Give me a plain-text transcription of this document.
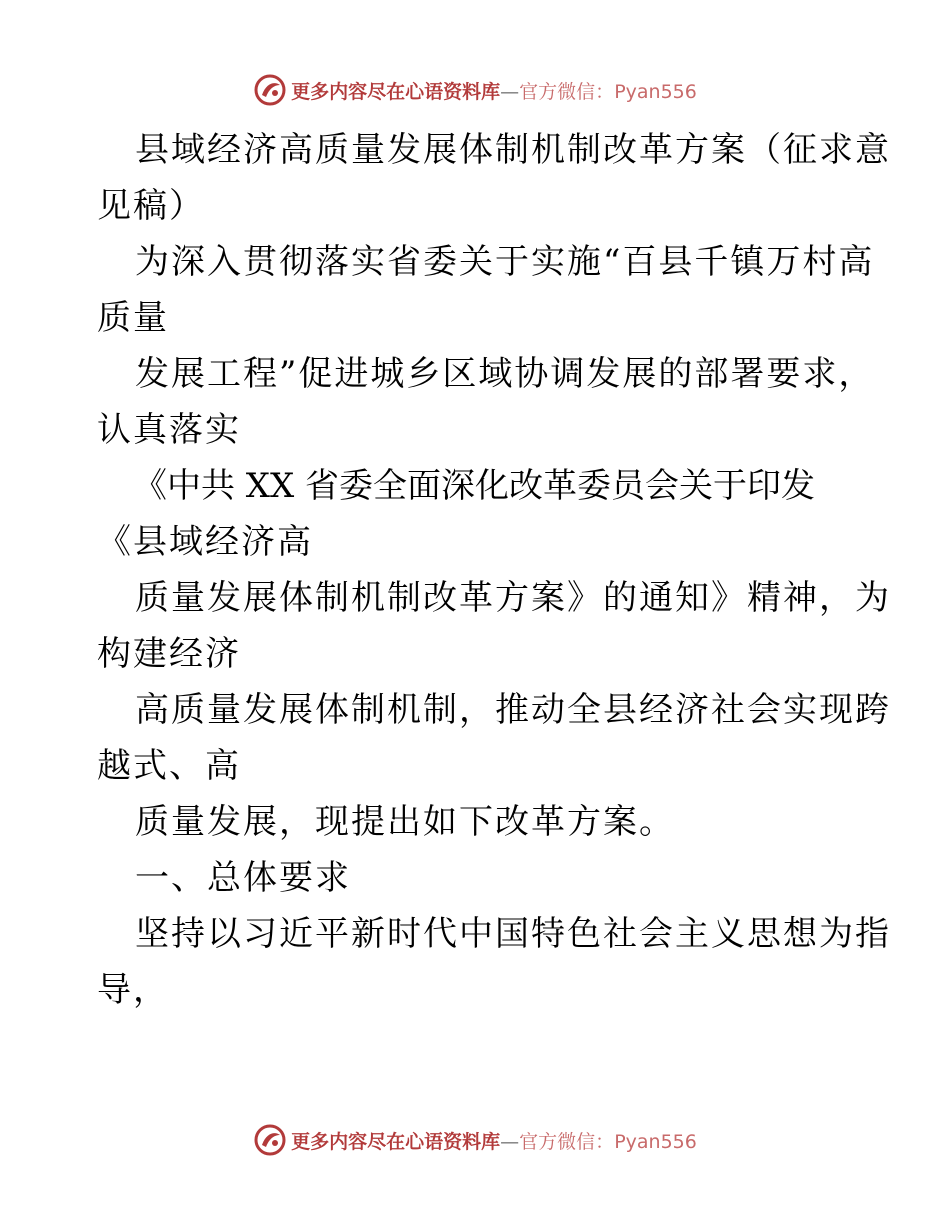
更多内容尽在心语资料库—官方微信：Pyan556
县域经济高质量发展体制机制改革方案（征求意
见稿）
为深入贯彻落实省委关于实施“百县千镇万村高
质量
发展工程”促进城乡区域协调发展的部署要求，
认真落实
《中共 XX 省委全面深化改革委员会关于印发
《县域经济高
质量发展体制机制改革方案》的通知》精神，为
构建经济
高质量发展体制机制，推动全县经济社会实现跨
越式、高
质量发展，现提出如下改革方案。
一、总体要求
坚持以习近平新时代中国特色社会主义思想为指
导，
更多内容尽在心语资料库—官方微信：Pyan556
